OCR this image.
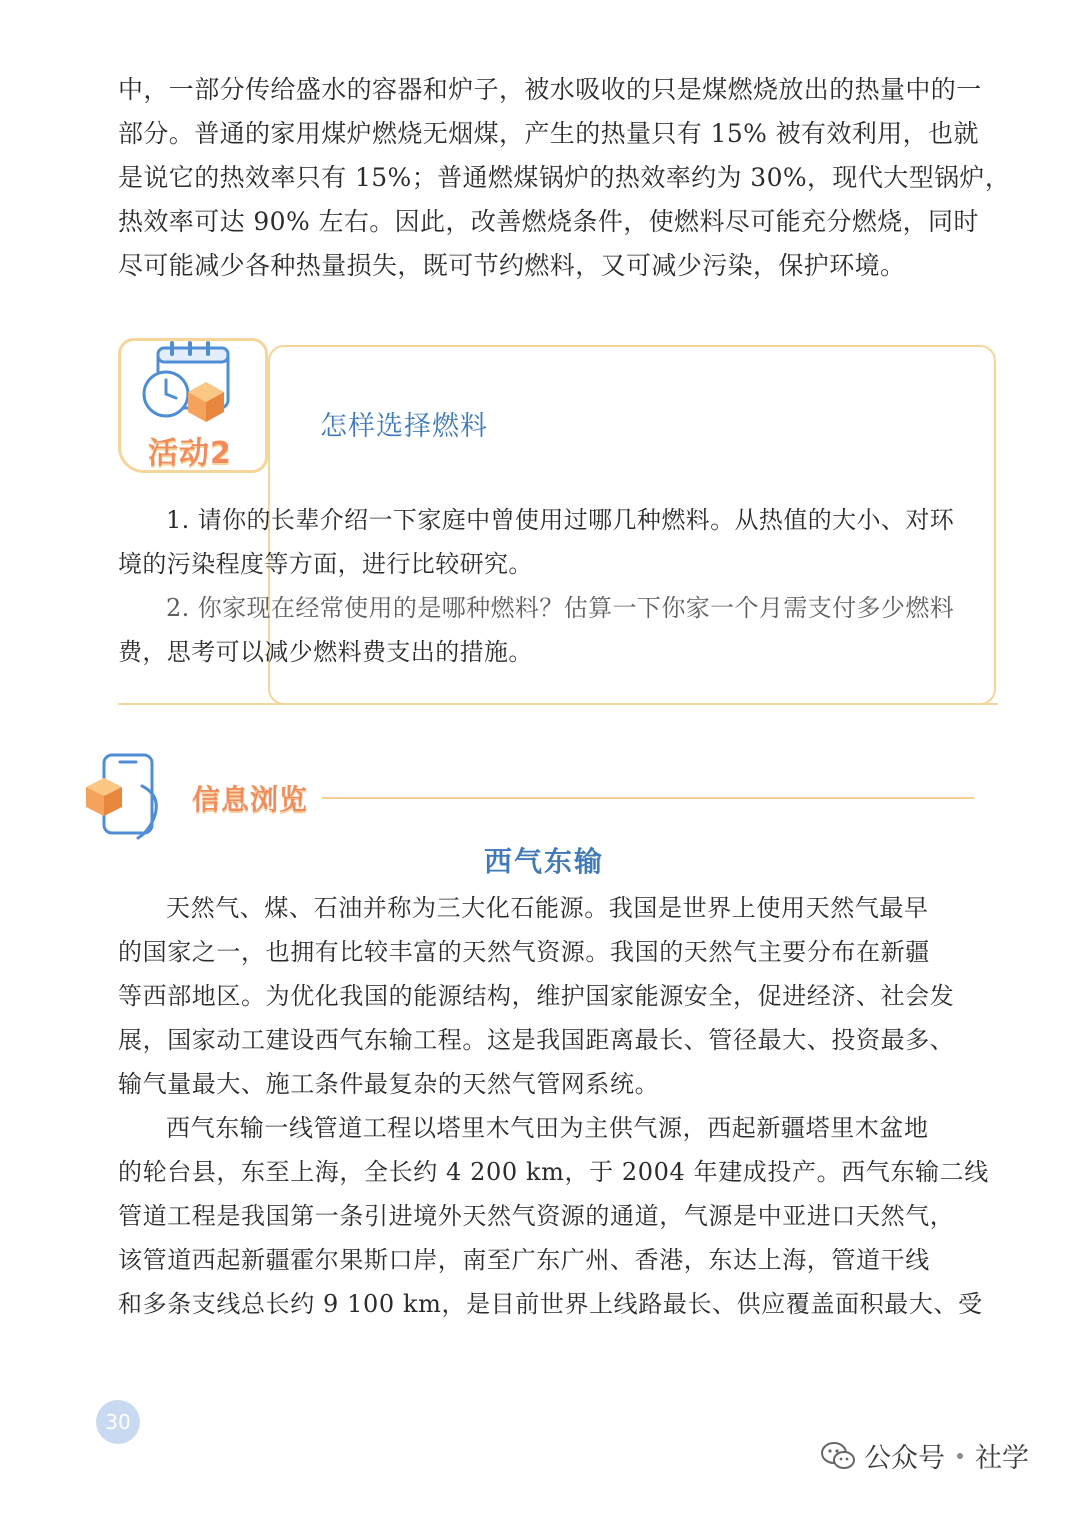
中，一部分传给盛水的容器和炉子，被水吸收的只是煤燃烧放出的热量中的一
部分。普通的家用煤炉燃烧无烟煤，产生的热量只有 15% 被有效利用，也就
是说它的热效率只有 15%；普通燃煤锅炉的热效率约为 30%，现代大型锅炉，
热效率可达 90% 左右。因此，改善燃烧条件，使燃料尽可能充分燃烧，同时
尽可能减少各种热量损失，既可节约燃料，又可减少污染，保护环境。
活动2
怎样选择燃料
1. 请你的长辈介绍一下家庭中曾使用过哪几种燃料。从热值的大小、对环
境的污染程度等方面，进行比较研究。
2. 你家现在经常使用的是哪种燃料？估算一下你家一个月需支付多少燃料
费，思考可以减少燃料费支出的措施。
信息浏览
西气东输
天然气、煤、石油并称为三大化石能源。我国是世界上使用天然气最早
的国家之一，也拥有比较丰富的天然气资源。我国的天然气主要分布在新疆
等西部地区。为优化我国的能源结构，维护国家能源安全，促进经济、社会发
展，国家动工建设西气东输工程。这是我国距离最长、管径最大、投资最多、
输气量最大、施工条件最复杂的天然气管网系统。
西气东输一线管道工程以塔里木气田为主供气源，西起新疆塔里木盆地
的轮台县，东至上海，全长约 4 200 km，于 2004 年建成投产。西气东输二线
管道工程是我国第一条引进境外天然气资源的通道，气源是中亚进口天然气，
该管道西起新疆霍尔果斯口岸，南至广东广州、香港，东达上海，管道干线
和多条支线总长约 9 100 km，是目前世界上线路最长、供应覆盖面积最大、受
30
公众号 社学
